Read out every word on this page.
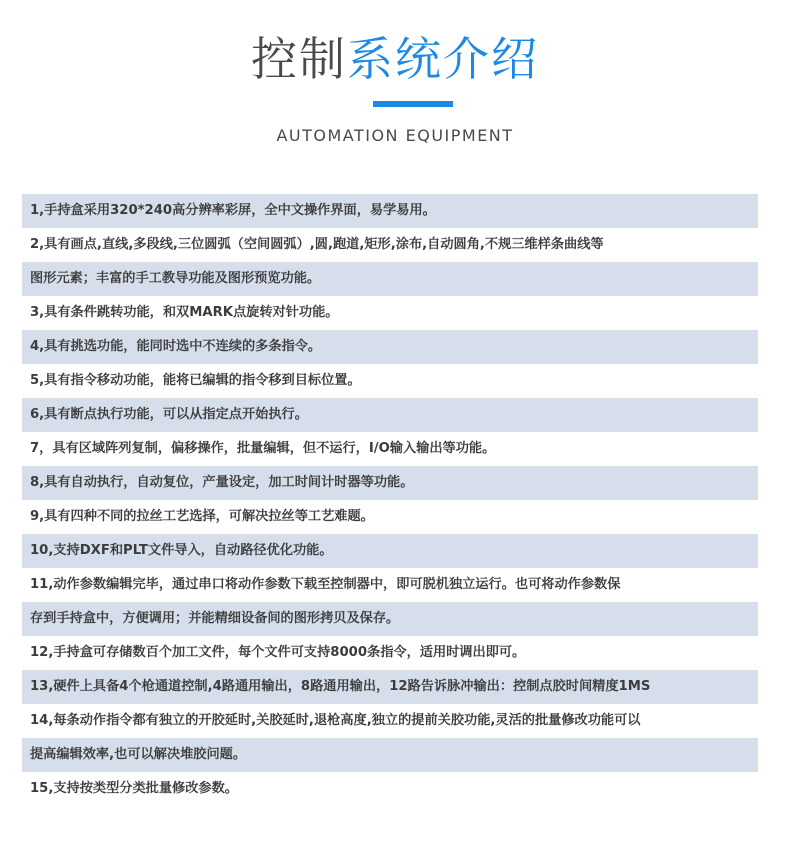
控制系统介绍
AUTOMATION EQUIPMENT
1,手持盒采用320*240高分辨率彩屏，全中文操作界面，易学易用。
2,具有画点,直线,多段线,三位圆弧（空间圆弧）,圆,跑道,矩形,涂布,自动圆角,不规三维样条曲线等
图形元素；丰富的手工教导功能及图形预览功能。
3,具有条件跳转功能，和双MARK点旋转对针功能。
4,具有挑选功能，能同时选中不连续的多条指令。
5,具有指令移动功能，能将已编辑的指令移到目标位置。
6,具有断点执行功能，可以从指定点开始执行。
7，具有区域阵列复制，偏移操作，批量编辑，但不运行，I/O输入输出等功能。
8,具有自动执行，自动复位，产量设定，加工时间计时器等功能。
9,具有四种不同的拉丝工艺选择，可解决拉丝等工艺难题。
10,支持DXF和PLT文件导入，自动路径优化功能。
11,动作参数编辑完毕，通过串口将动作参数下载至控制器中，即可脱机独立运行。也可将动作参数保
存到手持盒中，方便调用；并能精细设备间的图形拷贝及保存。
12,手持盒可存储数百个加工文件，每个文件可支持8000条指令，适用时调出即可。
13,硬件上具备4个枪通道控制,4路通用输出，8路通用输出，12路告诉脉冲输出：控制点胶时间精度1MS
14,每条动作指令都有独立的开胶延时,关胶延时,退枪高度,独立的提前关胶功能,灵活的批量修改功能可以
提高编辑效率,也可以解决堆胶问题。
15,支持按类型分类批量修改参数。
